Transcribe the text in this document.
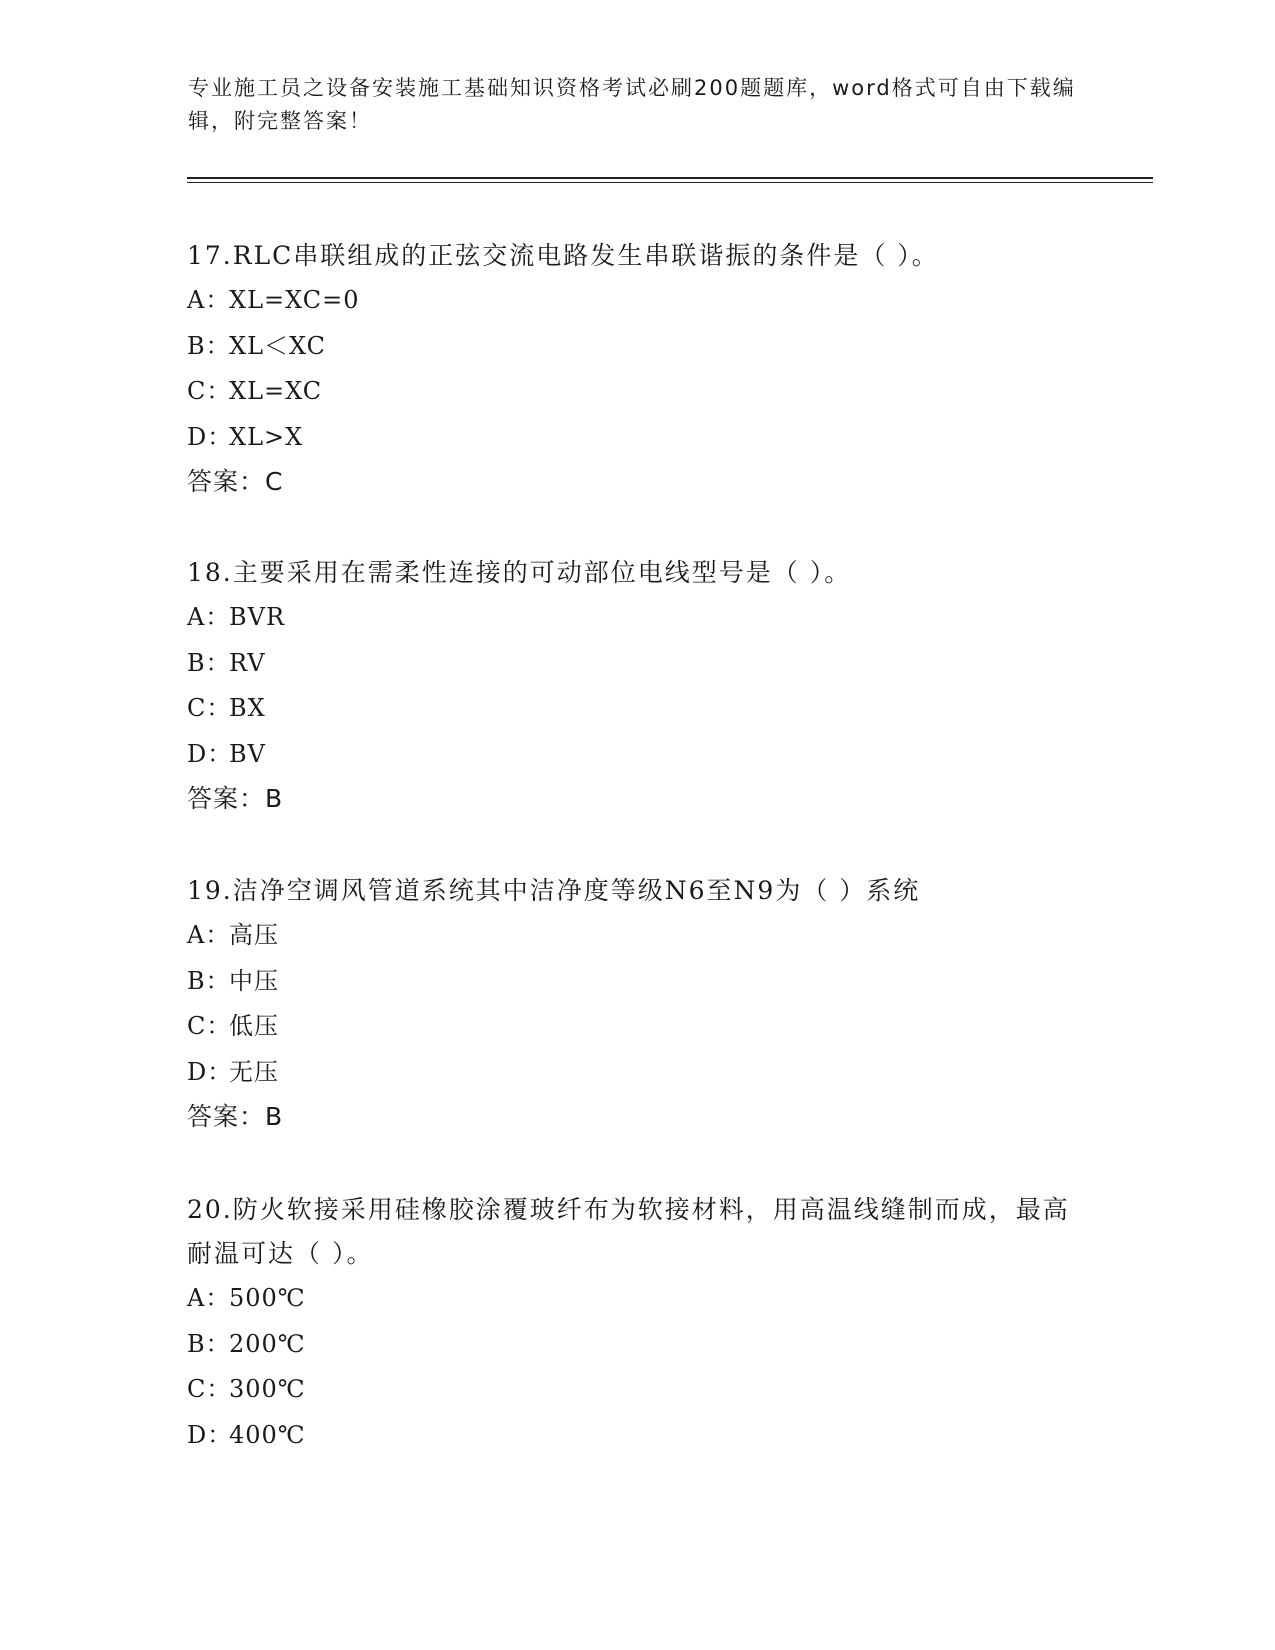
专业施工员之设备安装施工基础知识资格考试必刷200题题库，word格式可自由下载编辑，附完整答案！

17.RLC串联组成的正弦交流电路发生串联谐振的条件是（ ）。

A：XL=XC=0

B：XL＜XC

C：XL=XC

D：XL>X

答案：C

18.主要采用在需柔性连接的可动部位电线型号是（ ）。

A：BVR

B：RV

C：BX

D：BV

答案：B

19.洁净空调风管道系统其中洁净度等级N6至N9为（ ）系统

A：高压

B：中压

C：低压

D：无压

答案：B

20.防火软接采用硅橡胶涂覆玻纤布为软接材料，用高温线缝制而成，最高耐温可达（ ）。

A：500℃

B：200℃

C：300℃

D：400℃
